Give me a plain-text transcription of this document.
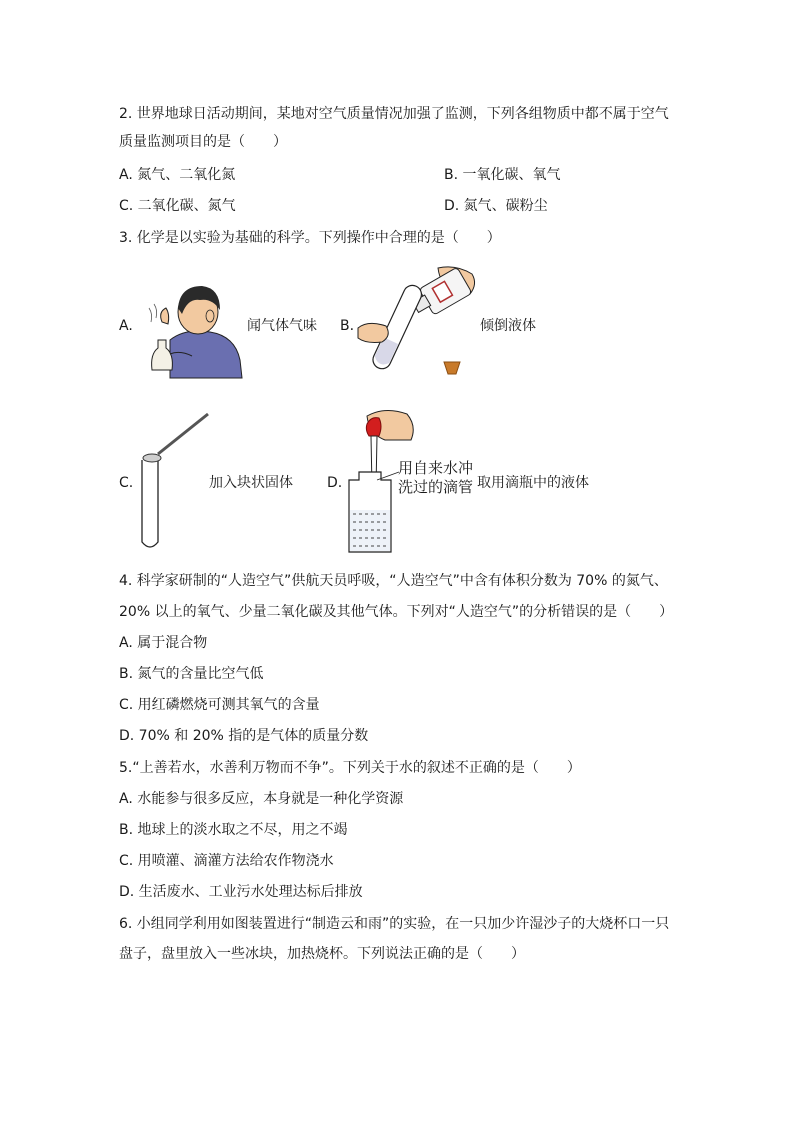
2. 世界地球日活动期间，某地对空气质量情况加强了监测，下列各组物质中都不属于空气
质量监测项目的是（　　）
A. 氮气、二氧化氮	B. 一氧化碳、氧气
C. 二氧化碳、氮气	D. 氮气、碳粉尘
3. 化学是以实验为基础的科学。下列操作中合理的是（　　）
A.	闻气体气味 B.	倾倒液体
C.	加入块状固体 D.
用自来水冲
洗过的滴管 取用滴瓶中的液体
4. 科学家研制的“人造空气”供航天员呼吸，“人造空气”中含有体积分数为 70% 的氮气、
20% 以上的氧气、少量二氧化碳及其他气体。下列对“人造空气”的分析错误的是（　　）
A. 属于混合物
B. 氮气的含量比空气低
C. 用红磷燃烧可测其氧气的含量
D. 70% 和 20% 指的是气体的质量分数
5.“上善若水，水善利万物而不争”。下列关于水的叙述不正确的是（　　）
A. 水能参与很多反应，本身就是一种化学资源
B. 地球上的淡水取之不尽，用之不竭
C. 用喷灌、滴灌方法给农作物浇水
D. 生活废水、工业污水处理达标后排放
6. 小组同学利用如图装置进行“制造云和雨”的实验，在一只加少许湿沙子的大烧杯口一只
盘子，盘里放入一些冰块，加热烧杯。下列说法正确的是（　　）
